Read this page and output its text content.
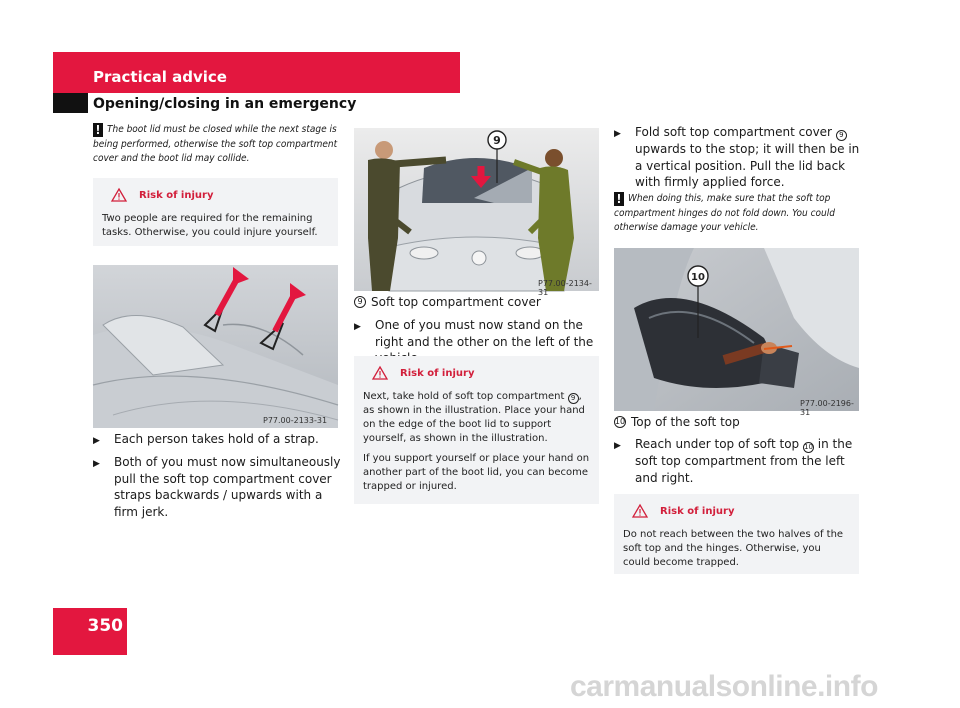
Practical advice
Opening/closing in an emergency
! The boot lid must be closed while the next stage is being performed, otherwise the soft top compartment cover and the boot lid may collide.
Risk of injury
Two people are required for the remaining tasks. Otherwise, you could injure yourself.
P77.00-2133-31
▶	Each person takes hold of a strap.
▶	Both of you must now simultaneously pull the soft top compartment cover straps backwards / upwards with a firm jerk.
9
P77.00-2134-31
9 Soft top compartment cover
▶	One of you must now stand on the right and the other on the left of the
Risk of injury
Next, take hold of soft top compartment 9 , as shown in the illustration. Place your hand on the edge of the boot lid to support yourself, as shown in the illustration.
If you support yourself or place your hand on another part of the boot lid, you can become trapped or injured.
▶	Fold soft top compartment cover 9 upwards to the stop; it will then be in a vertical position. Pull the lid back with firmly applied force.
! When doing this, make sure that the soft top compartment hinges do not fold down. You could otherwise damage your vehicle.
10
P77.00-2196-31
10 Top of the soft top
▶	Reach under top of soft top 10 in the soft top compartment from the left and right.
Risk of injury
Do not reach between the two halves of the soft top and the hinges. Otherwise, you could become trapped.
350
carmanualsonline.info
